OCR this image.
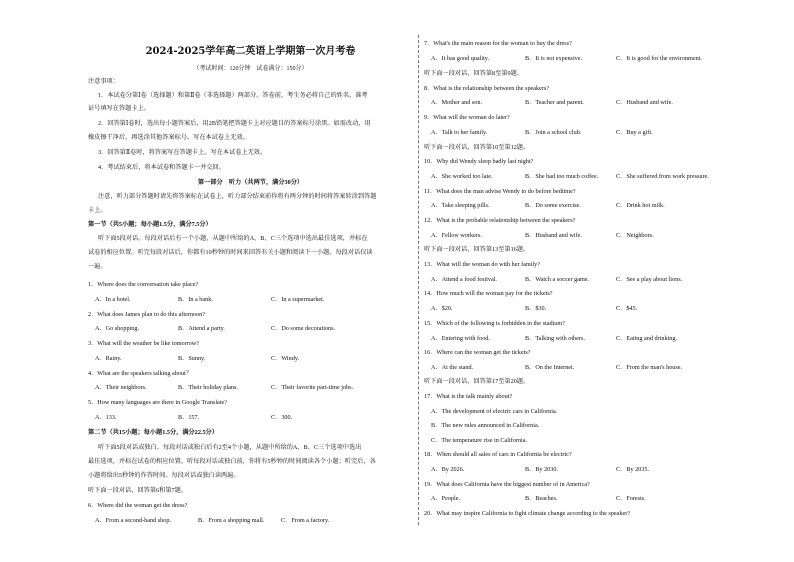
2024-2025学年高二英语上学期第一次月考卷
（考试时间：120分钟　试卷满分：150分）
注意事项：
1．本试卷分第Ⅰ卷（选择题）和第Ⅱ卷（非选择题）两部分。答卷前，考生务必将自己的姓名、准考
证号填写在答题卡上。
2．回答第Ⅰ卷时，选出每小题答案后，用2B铅笔把答题卡上对应题目的答案标号涂黑。如需改动，用
橡皮擦干净后，再选涂其他答案标号。写在本试卷上无效。
3．回答第Ⅱ卷时，将答案写在答题卡上。写在本试卷上无效。
4．考试结束后，将本试卷和答题卡一并交回。
第一部分　听力（共两节，满分30分）
注意，听力部分答题时请先将答案标在试卷上，听力部分结束前你将有两分钟的时间将答案转涂到答题
卡上。
第一节（共5小题；每小题1.5分，满分7.5分）
听下面5段对话。每段对话后有一个小题，从题中所给的A、B、C三个选项中选出最佳选项，并标在
试卷的相应位置。听完每段对话后，你都有10秒钟的时间来回答有关小题和阅读下一小题。每段对话仅读
一遍。
1．Where does the conversation take place?
A．In a hotel.	B．In a bank.	C．In a supermarket.
2．What does James plan to do this afternoon?
A．Go shopping.	B．Attend a party.	C．Do some decorations.
3．What will the weather be like tomorrow?
A．Rainy.	B．Sunny.	C．Windy.
4．What are the speakers talking about？
A．Their neighbors.	B．Their holiday plans.	C．Their favorite part-time jobs.
5．How many languages are there in Google Translate?
A．133.	B．157.	C．300.
第二节（共15小题；每小题1.5分，满分22.5分）
听下面5段对话或独白。每段对话或独白后有2至4个小题，从题中所给的A、B、C三个选项中选出
最佳选项，并标在试卷的相应位置。听每段对话或独白前，你将有5秒钟的时间阅读各个小题；听完后，各
小题将给出5秒钟的作答时间。每段对话或独白读两遍。
听下面一段对话，回答第6和第7题。
6．Where did the woman get the dress?
A．From a second-hand shop.	B．From a shopping mall.	C．From a factory.
7．What's the main reason for the woman to buy the dress?
A．It has good quality.	B．It is not expensive.	C．It is good for the environment.
听下面一段对话，回答第8至第9题。
8．What is the relationship between the speakers?
A．Mother and son.	B．Teacher and parent.	C．Husband and wife.
9．What will the woman do later?
A．Talk to her family.	B．Join a school club.	C．Buy a gift.
听下面一段对话，回答第10至第12题。
10．Why did Wendy sleep badly last night?
A．She worked too late.	B．She had too much coffee.	C．She suffered from work pressure.
11．What does the man advise Wendy to do before bedtime?
A．Take sleeping pills.	B．Do some exercise.	C．Drink hot milk.
12．What is the probable relationship between the speakers?
A．Fellow workers.	B．Husband and wife.	C．Neighbors.
听下面一段对话，回答第13至第16题。
13．What will the woman do with her family?
A．Attend a food festival.	B．Watch a soccer game.	C．See a play about lions.
14．How much will the woman pay for the tickets?
A．$20.	B．$30.	C．$45.
15．Which of the following is forbidden in the stadium?
A．Entering with food.	B．Talking with others.	C．Eating and drinking.
16．Where can the woman get the tickets?
A．At the stand.	B．On the Internet.	C．From the man's house.
听下面一段对话，回答第17至第20题。
17．What is the talk mainly about?
A．The development of electric cars in California.
B．The new rules announced in California.
C．The temperature rise in California.
18．When should all sales of cars in California be electric?
A．By 2026.	B．By 2030.	C．By 2035.
19．What does California have the biggest number of in America?
A．People.	B．Beaches.	C．Forests.
20．What may inspire California to fight climate change according to the speaker?
